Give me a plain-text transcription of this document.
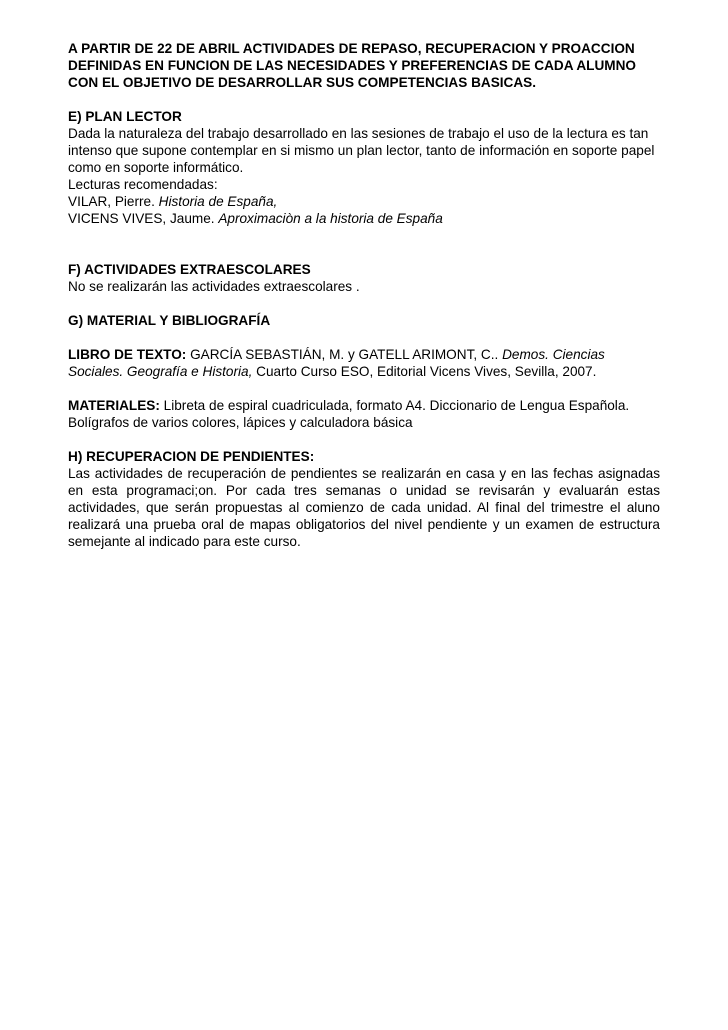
A PARTIR DE 22 DE ABRIL ACTIVIDADES DE REPASO, RECUPERACION Y PROACCION

DEFINIDAS EN FUNCION DE LAS NECESIDADES Y PREFERENCIAS DE CADA ALUMNO

CON EL OBJETIVO DE DESARROLLAR SUS COMPETENCIAS BASICAS.

E) PLAN LECTOR

Dada la naturaleza del trabajo desarrollado en las sesiones de trabajo el uso de la lectura es tan

intenso que supone contemplar en si mismo un plan lector, tanto de información en soporte papel

como en soporte informático.

Lecturas recomendadas:

VILAR, Pierre. Historia de España,

VICENS VIVES, Jaume. Aproximaciòn a la historia de España

F) ACTIVIDADES EXTRAESCOLARES

No se realizarán las actividades extraescolares .

G) MATERIAL Y BIBLIOGRAFÍA

LIBRO DE TEXTO: GARCÍA SEBASTIÁN, M. y GATELL ARIMONT, C.. Demos. Ciencias

Sociales. Geografía e Historia, Cuarto Curso ESO, Editorial Vicens Vives, Sevilla, 2007.

MATERIALES: Libreta de espiral cuadriculada, formato A4. Diccionario de Lengua Española.

Bolígrafos de varios colores, lápices y calculadora básica

H) RECUPERACION DE PENDIENTES:

Las actividades de recuperación de pendientes se realizarán en casa y en las fechas asignadas en esta programaci;on. Por cada tres semanas o unidad se revisarán y evaluarán estas actividades, que serán propuestas al comienzo de cada unidad. Al final del trimestre el aluno realizará una prueba oral de mapas obligatorios del nivel pendiente y un examen de estructura semejante al indicado para este curso.
